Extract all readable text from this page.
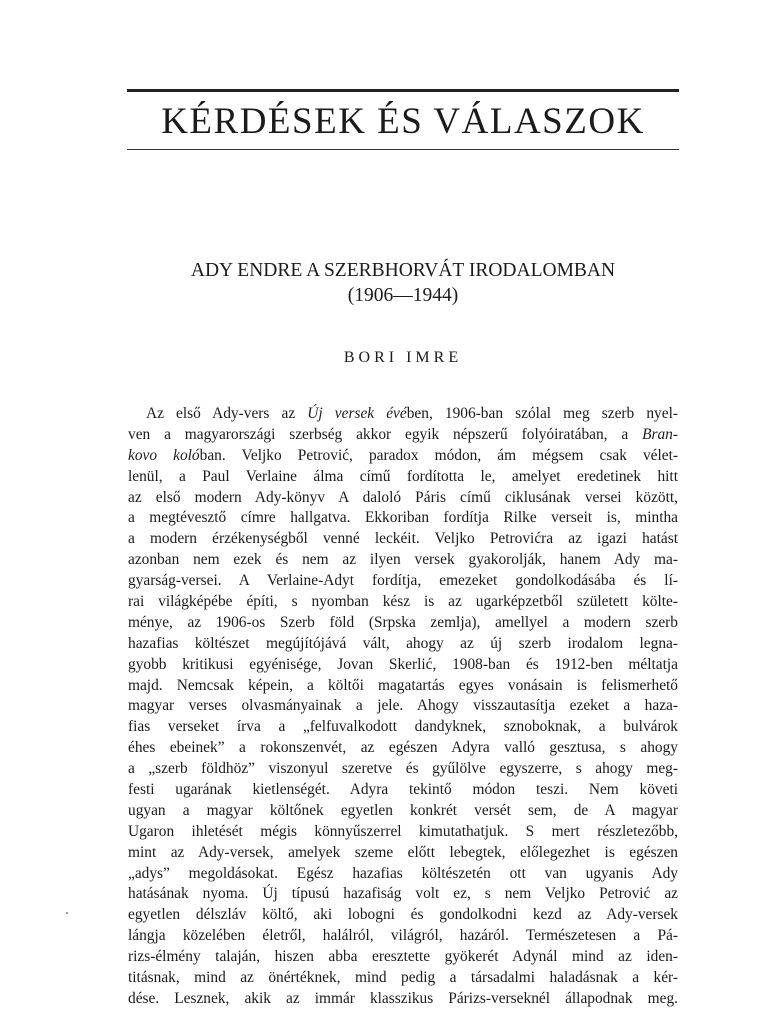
KÉRDÉSEK ÉS VÁLASZOK
ADY ENDRE A SZERBHORVÁT IRODALOMBAN
(1906—1944)
BORI IMRE
Az első Ady-vers az Új versek évében, 1906-ban szólal meg szerb nyel-
ven a magyarországi szerbség akkor egyik népszerű folyóiratában, a Bran-
kovo kolóban. Veljko Petrović, paradox módon, ám mégsem csak vélet-
lenül, a Paul Verlaine álma című fordította le, amelyet eredetinek hitt
az első modern Ady-könyv A daloló Páris című ciklusának versei között,
a megtévesztő címre hallgatva. Ekkoriban fordítja Rilke verseit is, mintha
a modern érzékenységből venné leckéit. Veljko Petrovićra az igazi hatást
azonban nem ezek és nem az ilyen versek gyakorolják, hanem Ady ma-
gyarság-versei. A Verlaine-Adyt fordítja, emezeket gondolkodásába és lí-
rai világképébe építi, s nyomban kész is az ugarképzetből született költe-
ménye, az 1906-os Szerb föld (Srpska zemlja), amellyel a modern szerb
hazafias költészet megújítójává vált, ahogy az új szerb irodalom legna-
gyobb kritikusi egyénisége, Jovan Skerlić, 1908-ban és 1912-ben méltatja
majd. Nemcsak képein, a költői magatartás egyes vonásain is felismerhető
magyar verses olvasmányainak a jele. Ahogy visszautasítja ezeket a haza-
fias verseket írva a „felfuvalkodott dandyknek, sznoboknak, a bulvárok
éhes ebeinek” a rokonszenvét, az egészen Adyra valló gesztusa, s ahogy
a „szerb földhöz” viszonyul szeretve és gyűlölve egyszerre, s ahogy meg-
festi ugarának kietlenségét. Adyra tekintő módon teszi. Nem követi
ugyan a magyar költőnek egyetlen konkrét versét sem, de A magyar
Ugaron ihletését mégis könnyűszerrel kimutathatjuk. S mert részletezőbb,
mint az Ady-versek, amelyek szeme előtt lebegtek, előlegezhet is egészen
„adys” megoldásokat. Egész hazafias költészetén ott van ugyanis Ady
hatásának nyoma. Új típusú hazafiság volt ez, s nem Veljko Petrović az
egyetlen délszláv költő, aki lobogni és gondolkodni kezd az Ady-versek
lángja közelében életről, halálról, világról, hazáról. Természetesen a Pá-
rizs-élmény talaján, hiszen abba eresztette gyökerét Adynál mind az iden-
titásnak, mind az önértéknek, mind pedig a társadalmi haladásnak a kér-
dése. Lesznek, akik az immár klasszikus Párizs-verseknél állapodnak meg.
